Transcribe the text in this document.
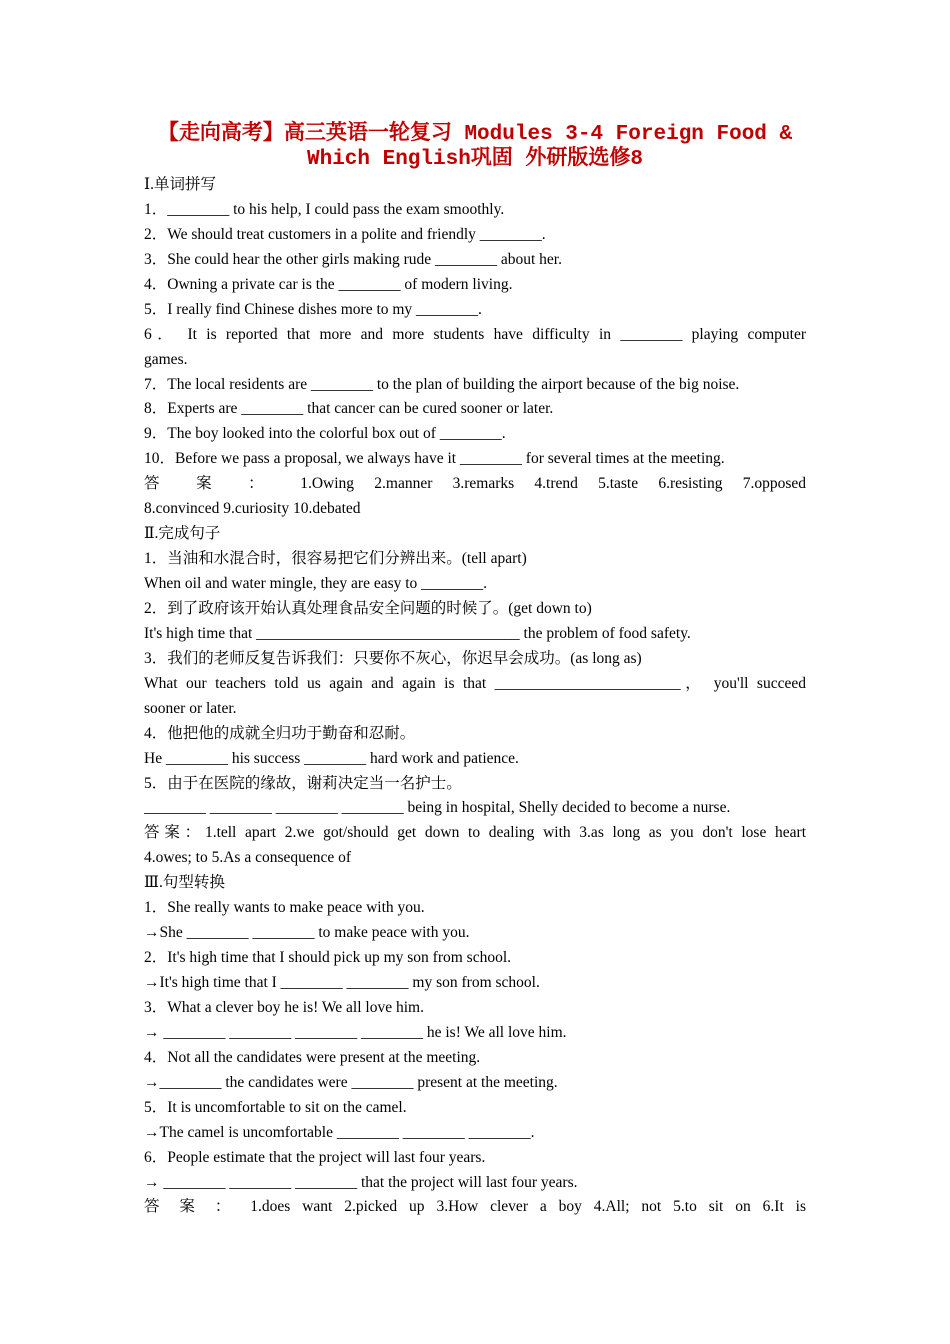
【走向高考】高三英语一轮复习 Modules 3-4 Foreign Food &
Which English巩固 外研版选修8
Ⅰ.单词拼写
1．________ to his help, I could pass the exam smoothly.
2．We should treat customers in a polite and friendly ________.
3．She could hear the other girls making rude ________ about her.
4．Owning a private car is the ________ of modern living.
5．I really find Chinese dishes more to my ________.
6． It is reported that more and more students have difficulty in ________ playing computer
games.
7．The local residents are ________ to the plan of building the airport because of the big noise.
8．Experts are ________ that cancer can be cured sooner or later.
9．The boy looked into the colorful box out of ________.
10．Before we pass a proposal, we always have it ________ for several times at the meeting.
答 案 ： 1.Owing 2.manner 3.remarks 4.trend 5.taste 6.resisting 7.opposed
8.convinced 9.curiosity 10.debated
Ⅱ.完成句子
1．当油和水混合时，很容易把它们分辨出来。(tell apart)
When oil and water mingle, they are easy to ________.
2．到了政府该开始认真处理食品安全问题的时候了。(get down to)
It's high time that __________________________________ the problem of food safety.
3．我们的老师反复告诉我们：只要你不灰心，你迟早会成功。(as long as)
What our teachers told us again and again is that ________________________， you'll succeed
sooner or later.
4．他把他的成就全归功于勤奋和忍耐。
He ________ his success ________ hard work and patience.
5．由于在医院的缘故，谢莉决定当一名护士。
________ ________ ________ ________ being in hospital, Shelly decided to become a nurse.
答案：1.tell apart 2.we got/should get down to dealing with 3.as long as you don't lose heart
4.owes; to 5.As a consequence of
Ⅲ.句型转换
1．She really wants to make peace with you.
→She ________ ________ to make peace with you.
2．It's high time that I should pick up my son from school.
→It's high time that I ________ ________ my son from school.
3．What a clever boy he is! We all love him.
→ ________ ________ ________ ________ he is! We all love him.
4．Not all the candidates were present at the meeting.
→________ the candidates were ________ present at the meeting.
5．It is uncomfortable to sit on the camel.
→The camel is uncomfortable ________ ________ ________.
6．People estimate that the project will last four years.
→ ________ ________ ________ that the project will last four years.
答 案 ： 1.does want 2.picked up 3.How clever a boy 4.All; not 5.to sit on 6.It is
